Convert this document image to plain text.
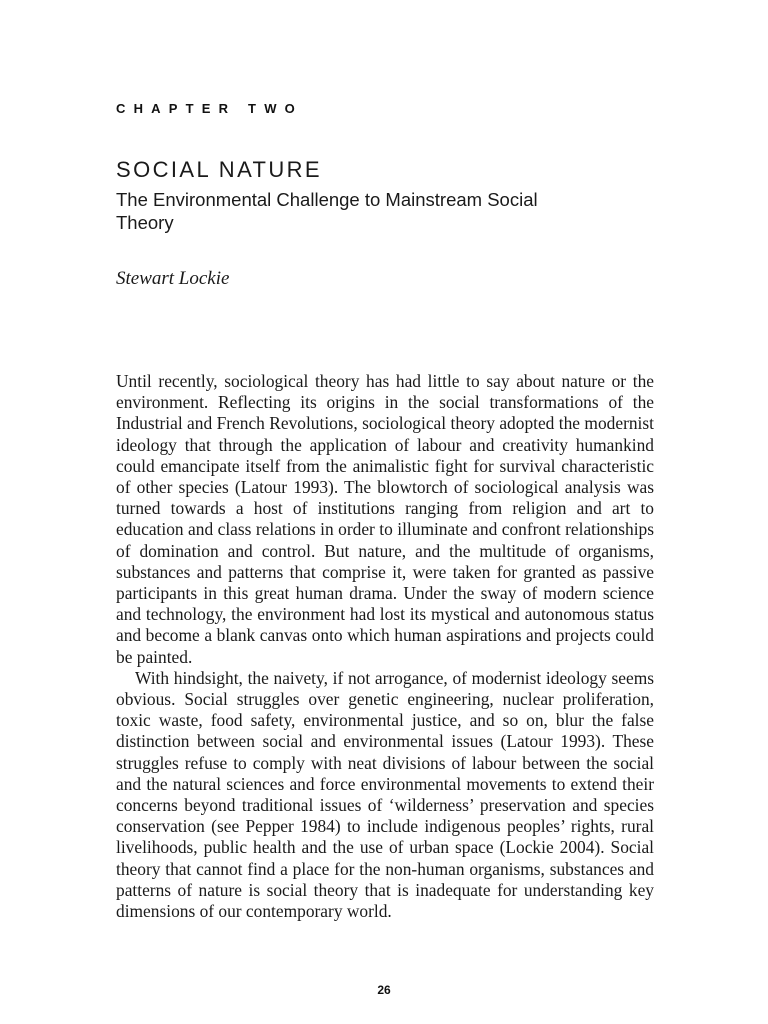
CHAPTER TWO
SOCIAL NATURE
The Environmental Challenge to Mainstream Social Theory
Stewart Lockie

Until recently, sociological theory has had little to say about nature or the environment. Reflecting its origins in the social transformations of the Industrial and French Revolutions, sociological theory adopted the modernist ideology that through the application of labour and creativity humankind could emancipate itself from the animalistic fight for survival characteristic of other species (Latour 1993). The blowtorch of sociological analysis was turned towards a host of institutions ranging from religion and art to education and class relations in order to illuminate and confront relationships of domination and control. But nature, and the multitude of organisms, substances and patterns that comprise it, were taken for granted as passive participants in this great human drama. Under the sway of modern science and technology, the environment had lost its mystical and autonomous status and become a blank canvas onto which human aspirations and projects could be painted.

With hindsight, the naivety, if not arrogance, of modernist ideology seems obvious. Social struggles over genetic engineering, nuclear proliferation, toxic waste, food safety, environmental justice, and so on, blur the false distinction between social and environmental issues (Latour 1993). These struggles refuse to comply with neat divisions of labour between the social and the natural sciences and force environmental movements to extend their concerns beyond traditional issues of ‘wilderness’ preservation and species conservation (see Pepper 1984) to include indigenous peoples’ rights, rural livelihoods, public health and the use of urban space (Lockie 2004). Social theory that cannot find a place for the non-human organisms, substances and patterns of nature is social theory that is inadequate for understanding key dimensions of our contemporary world.

26
